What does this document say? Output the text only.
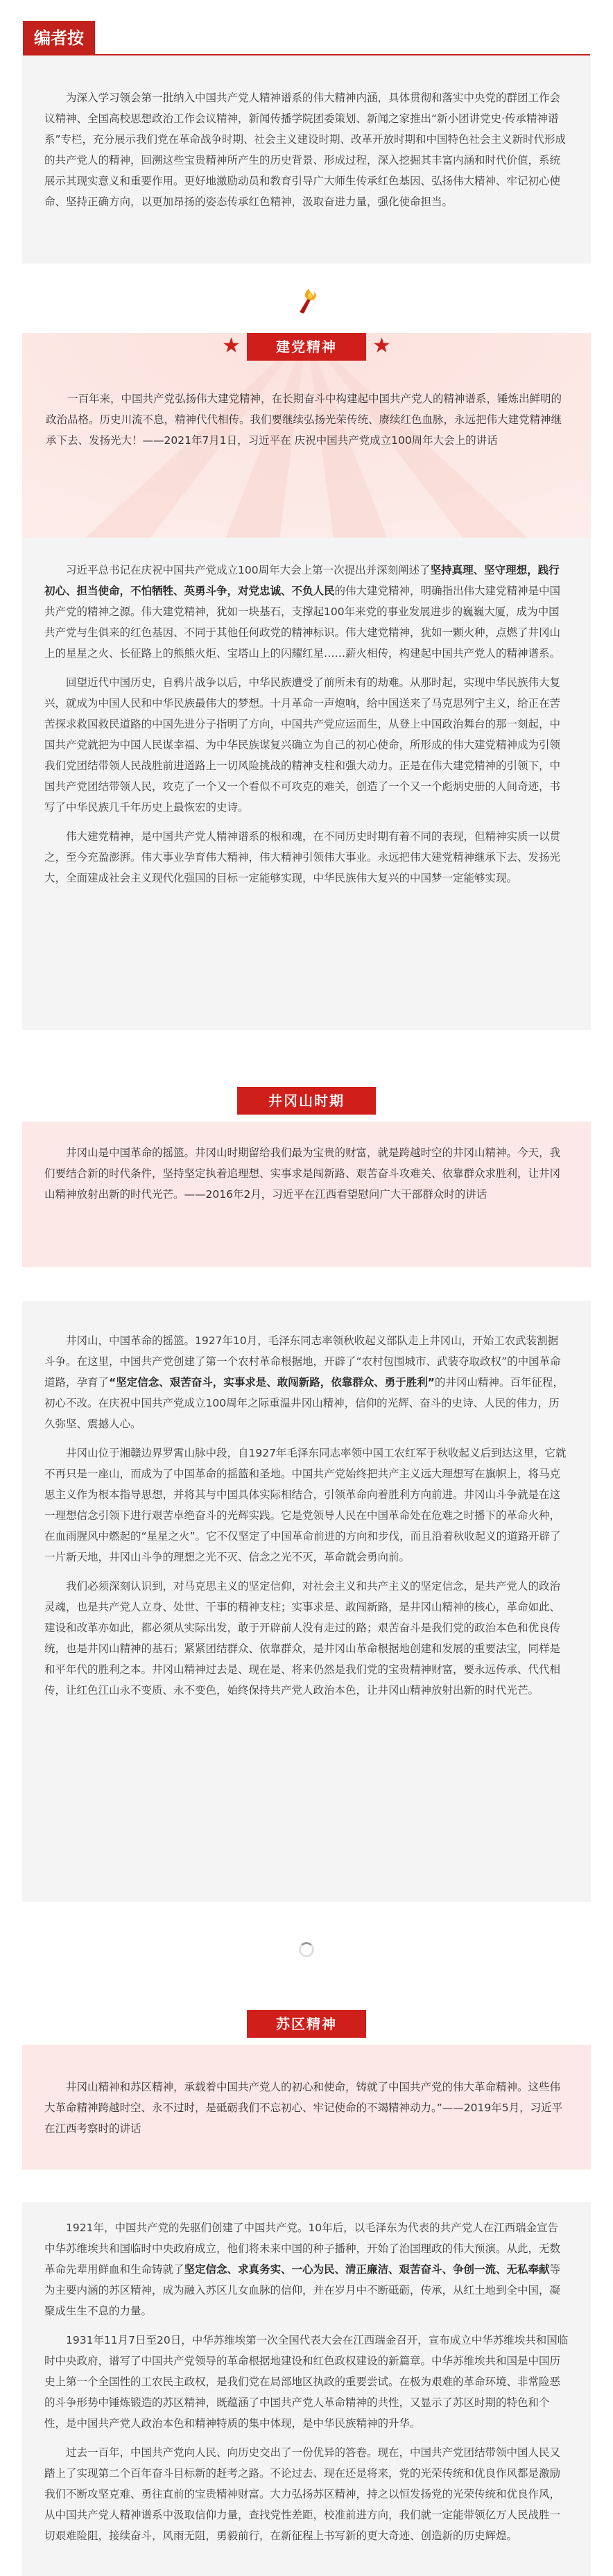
编者按

为深入学习领会第一批纳入中国共产党人精神谱系的伟大精神内涵，具体贯彻和落实中央党的群团工作会议精神、全国高校思想政治工作会议精神，新闻传播学院团委策划、新闻之家推出“新小团讲党史·传承精神谱系”专栏，充分展示我们党在革命战争时期、社会主义建设时期、改革开放时期和中国特色社会主义新时代形成的共产党人的精神，回溯这些宝贵精神所产生的历史背景、形成过程，深入挖掘其丰富内涵和时代价值，系统展示其现实意义和重要作用。更好地激励动员和教育引导广大师生传承红色基因、弘扬伟大精神、牢记初心使命、坚持正确方向，以更加昂扬的姿态传承红色精神，汲取奋进力量，强化使命担当。

★	建党精神	★

一百年来，中国共产党弘扬伟大建党精神，在长期奋斗中构建起中国共产党人的精神谱系，锤炼出鲜明的政治品格。历史川流不息，精神代代相传。我们要继续弘扬光荣传统、赓续红色血脉，永远把伟大建党精神继承下去、发扬光大！——2021年7月1日，习近平在 庆祝中国共产党成立100周年大会上的讲话

习近平总书记在庆祝中国共产党成立100周年大会上第一次提出并深刻阐述了坚持真理、坚守理想，践行初心、担当使命，不怕牺牲、英勇斗争，对党忠诚、不负人民的伟大建党精神，明确指出伟大建党精神是中国共产党的精神之源。伟大建党精神，犹如一块基石，支撑起100年来党的事业发展进步的巍巍大厦，成为中国共产党与生俱来的红色基因、不同于其他任何政党的精神标识。伟大建党精神，犹如一颗火种，点燃了井冈山上的星星之火、长征路上的熊熊火炬、宝塔山上的闪耀红星……薪火相传，构建起中国共产党人的精神谱系。

回望近代中国历史，自鸦片战争以后，中华民族遭受了前所未有的劫难。从那时起，实现中华民族伟大复兴，就成为中国人民和中华民族最伟大的梦想。十月革命一声炮响，给中国送来了马克思列宁主义，给正在苦苦探求救国救民道路的中国先进分子指明了方向，中国共产党应运而生，从登上中国政治舞台的那一刻起，中国共产党就把为中国人民谋幸福、为中华民族谋复兴确立为自己的初心使命，所形成的伟大建党精神成为引领我们党团结带领人民战胜前进道路上一切风险挑战的精神支柱和强大动力。正是在伟大建党精神的引领下，中国共产党团结带领人民，攻克了一个又一个看似不可攻克的难关，创造了一个又一个彪炳史册的人间奇迹，书写了中华民族几千年历史上最恢宏的史诗。

伟大建党精神，是中国共产党人精神谱系的根和魂，在不同历史时期有着不同的表现，但精神实质一以贯之，至今充盈澎湃。伟大事业孕育伟大精神，伟大精神引领伟大事业。永远把伟大建党精神继承下去、发扬光大，全面建成社会主义现代化强国的目标一定能够实现，中华民族伟大复兴的中国梦一定能够实现。

井冈山时期

井冈山是中国革命的摇篮。井冈山时期留给我们最为宝贵的财富，就是跨越时空的井冈山精神。今天，我们要结合新的时代条件，坚持坚定执着追理想、实事求是闯新路、艰苦奋斗攻难关、依靠群众求胜利，让井冈山精神放射出新的时代光芒。——2016年2月，习近平在江西看望慰问广大干部群众时的讲话

井冈山，中国革命的摇篮。1927年10月，毛泽东同志率领秋收起义部队走上井冈山，开始工农武装割据斗争。在这里，中国共产党创建了第一个农村革命根据地，开辟了“农村包围城市、武装夺取政权”的中国革命道路，孕育了“坚定信念、艰苦奋斗，实事求是、敢闯新路，依靠群众、勇于胜利”的井冈山精神。百年征程，初心不改。在庆祝中国共产党成立100周年之际重温井冈山精神，信仰的光辉、奋斗的史诗、人民的伟力，历久弥坚、震撼人心。

井冈山位于湘赣边界罗霄山脉中段，自1927年毛泽东同志率领中国工农红军于秋收起义后到达这里，它就不再只是一座山，而成为了中国革命的摇篮和圣地。中国共产党始终把共产主义远大理想写在旗帜上，将马克思主义作为根本指导思想，并将其与中国具体实际相结合，引领革命向着胜利方向前进。井冈山斗争就是在这一理想信念引领下进行艰苦卓绝奋斗的光辉实践。它是党领导人民在中国革命处在危难之时播下的革命火种，在血雨腥风中燃起的“星星之火”。它不仅坚定了中国革命前进的方向和步伐，而且沿着秋收起义的道路开辟了一片新天地，井冈山斗争的理想之光不灭、信念之光不灭，革命就会勇向前。

我们必须深刻认识到，对马克思主义的坚定信仰，对社会主义和共产主义的坚定信念，是共产党人的政治灵魂，也是共产党人立身、处世、干事的精神支柱；实事求是、敢闯新路，是井冈山精神的核心，革命如此、建设和改革亦如此，都必须从实际出发，敢于开辟前人没有走过的路；艰苦奋斗是我们党的政治本色和优良传统，也是井冈山精神的基石；紧紧团结群众、依靠群众，是井冈山革命根据地创建和发展的重要法宝，同样是和平年代的胜利之本。井冈山精神过去是、现在是、将来仍然是我们党的宝贵精神财富，要永远传承、代代相传，让红色江山永不变质、永不变色，始终保持共产党人政治本色，让井冈山精神放射出新的时代光芒。

苏区精神

井冈山精神和苏区精神，承载着中国共产党人的初心和使命，铸就了中国共产党的伟大革命精神。这些伟大革命精神跨越时空、永不过时，是砥砺我们不忘初心、牢记使命的不竭精神动力。”——2019年5月，习近平在江西考察时的讲话

1921年，中国共产党的先驱们创建了中国共产党。10年后，以毛泽东为代表的共产党人在江西瑞金宣告中华苏维埃共和国临时中央政府成立，他们将未来中国的种子播种，开始了治国理政的伟大预演。从此，无数革命先辈用鲜血和生命铸就了坚定信念、求真务实、一心为民、清正廉洁、艰苦奋斗、争创一流、无私奉献等为主要内涵的苏区精神，成为融入苏区儿女血脉的信仰，并在岁月中不断砥砺，传承，从红土地到全中国，凝聚成生生不息的力量。

1931年11月7日至20日，中华苏维埃第一次全国代表大会在江西瑞金召开，宣布成立中华苏维埃共和国临时中央政府，谱写了中国共产党领导的革命根据地建设和红色政权建设的新篇章。中华苏维埃共和国是中国历史上第一个全国性的工农民主政权，是我们党在局部地区执政的重要尝试。在极为艰难的革命环境、非常险恶的斗争形势中锤炼锻造的苏区精神，既蕴涵了中国共产党人革命精神的共性，又显示了苏区时期的特色和个性，是中国共产党人政治本色和精神特质的集中体现，是中华民族精神的升华。

过去一百年，中国共产党向人民、向历史交出了一份优异的答卷。现在，中国共产党团结带领中国人民又踏上了实现第二个百年奋斗目标新的赶考之路。不论过去、现在还是将来，党的光荣传统和优良作风都是激励我们不断攻坚克难、勇往直前的宝贵精神财富。大力弘扬苏区精神，持之以恒发扬党的光荣传统和优良作风，从中国共产党人精神谱系中汲取信仰力量，查找党性差距，校准前进方向，我们就一定能带领亿万人民战胜一切艰难险阻，接续奋斗，风雨无阻，勇毅前行，在新征程上书写新的更大奇迹、创造新的历史辉煌。
